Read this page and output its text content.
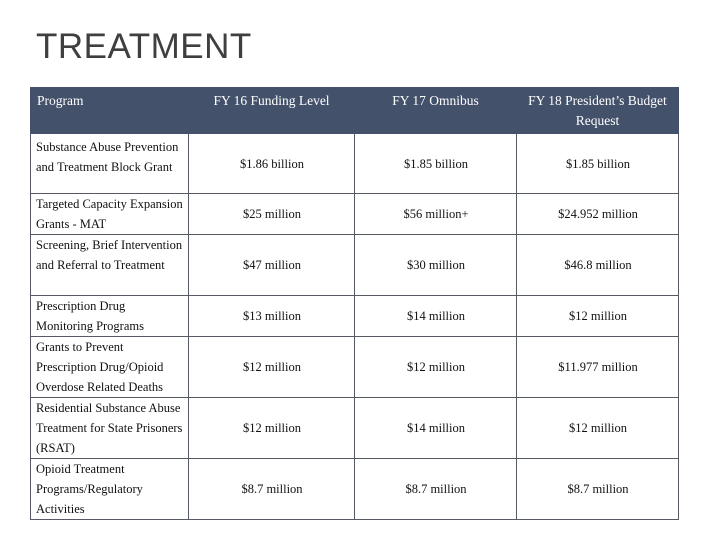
TREATMENT
Program	FY 16 Funding Level	FY 17 Omnibus	FY 18 President’s Budget Request
Substance Abuse Prevention and Treatment Block Grant	$1.86 billion	$1.85 billion	$1.85 billion
Targeted Capacity Expansion Grants - MAT	$25 million	$56 million+	$24.952 million
Screening, Brief Intervention and Referral to Treatment	$47 million	$30 million	$46.8 million
Prescription Drug Monitoring Programs	$13 million	$14 million	$12 million
Grants to Prevent Prescription Drug/Opioid Overdose Related Deaths	$12 million	$12 million	$11.977 million
Residential Substance Abuse Treatment for State Prisoners (RSAT)	$12 million	$14 million	$12 million
Opioid Treatment Programs/Regulatory Activities	$8.7 million	$8.7 million	$8.7 million
